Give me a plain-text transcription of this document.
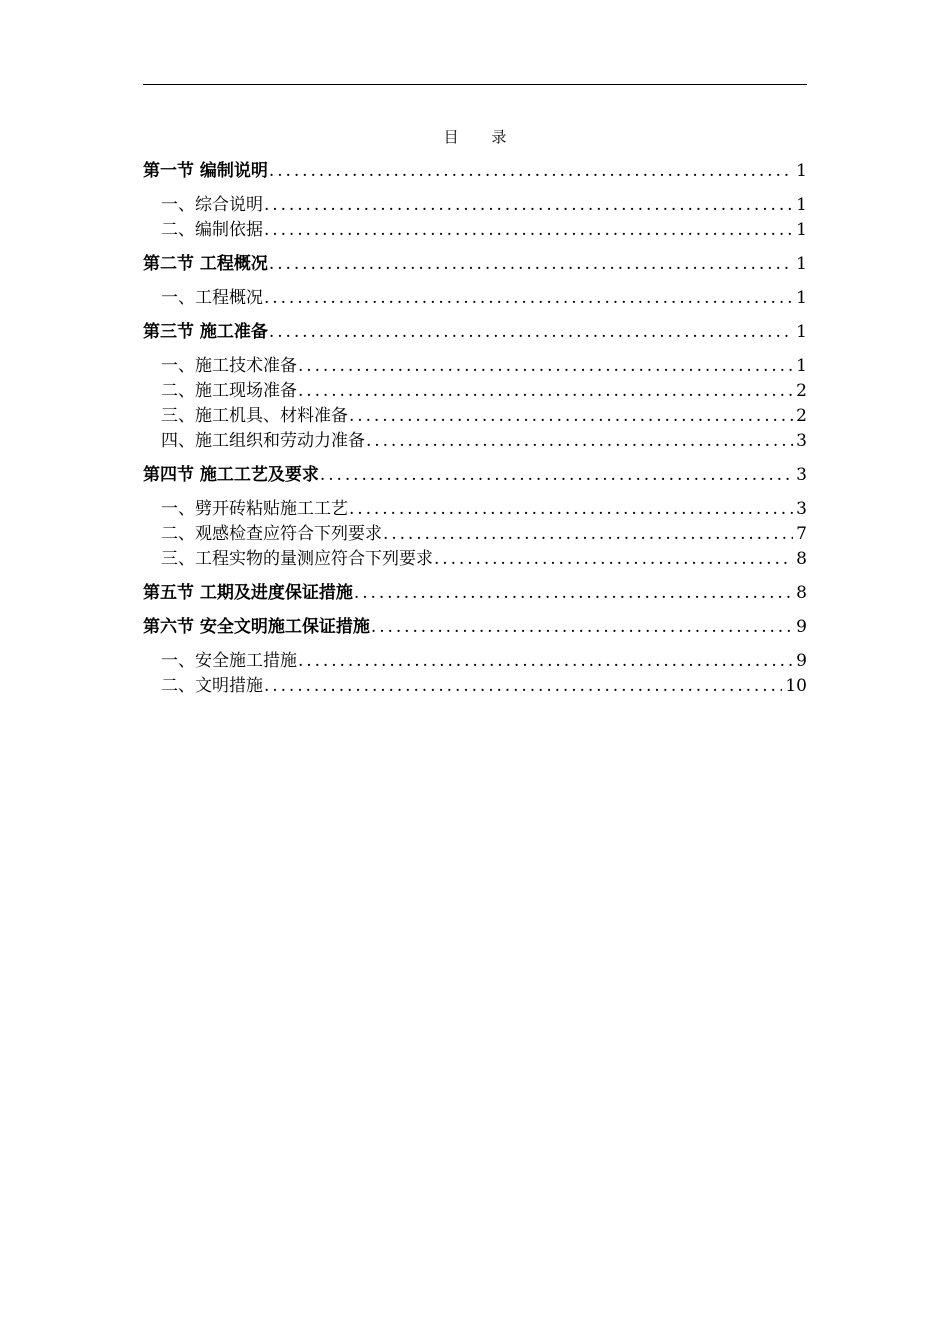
目 录
第一节 编制说明 .....	1
一、综合说明 .....	1
二、编制依据 .....	1
第二节 工程概况 .....	1
一、工程概况 .....	1
第三节 施工准备 .....	1
一、施工技术准备 .....	1
二、施工现场准备 .....	2
三、施工机具、材料准备 .....	2
四、施工组织和劳动力准备 .....	3
第四节 施工工艺及要求 .....	3
一、劈开砖粘贴施工工艺 .....	3
二、观感检查应符合下列要求 .....	7
三、工程实物的量测应符合下列要求 .....	8
第五节 工期及进度保证措施 .....	8
第六节 安全文明施工保证措施 .....	9
一、安全施工措施 .....	9
二、文明措施 .....	10
